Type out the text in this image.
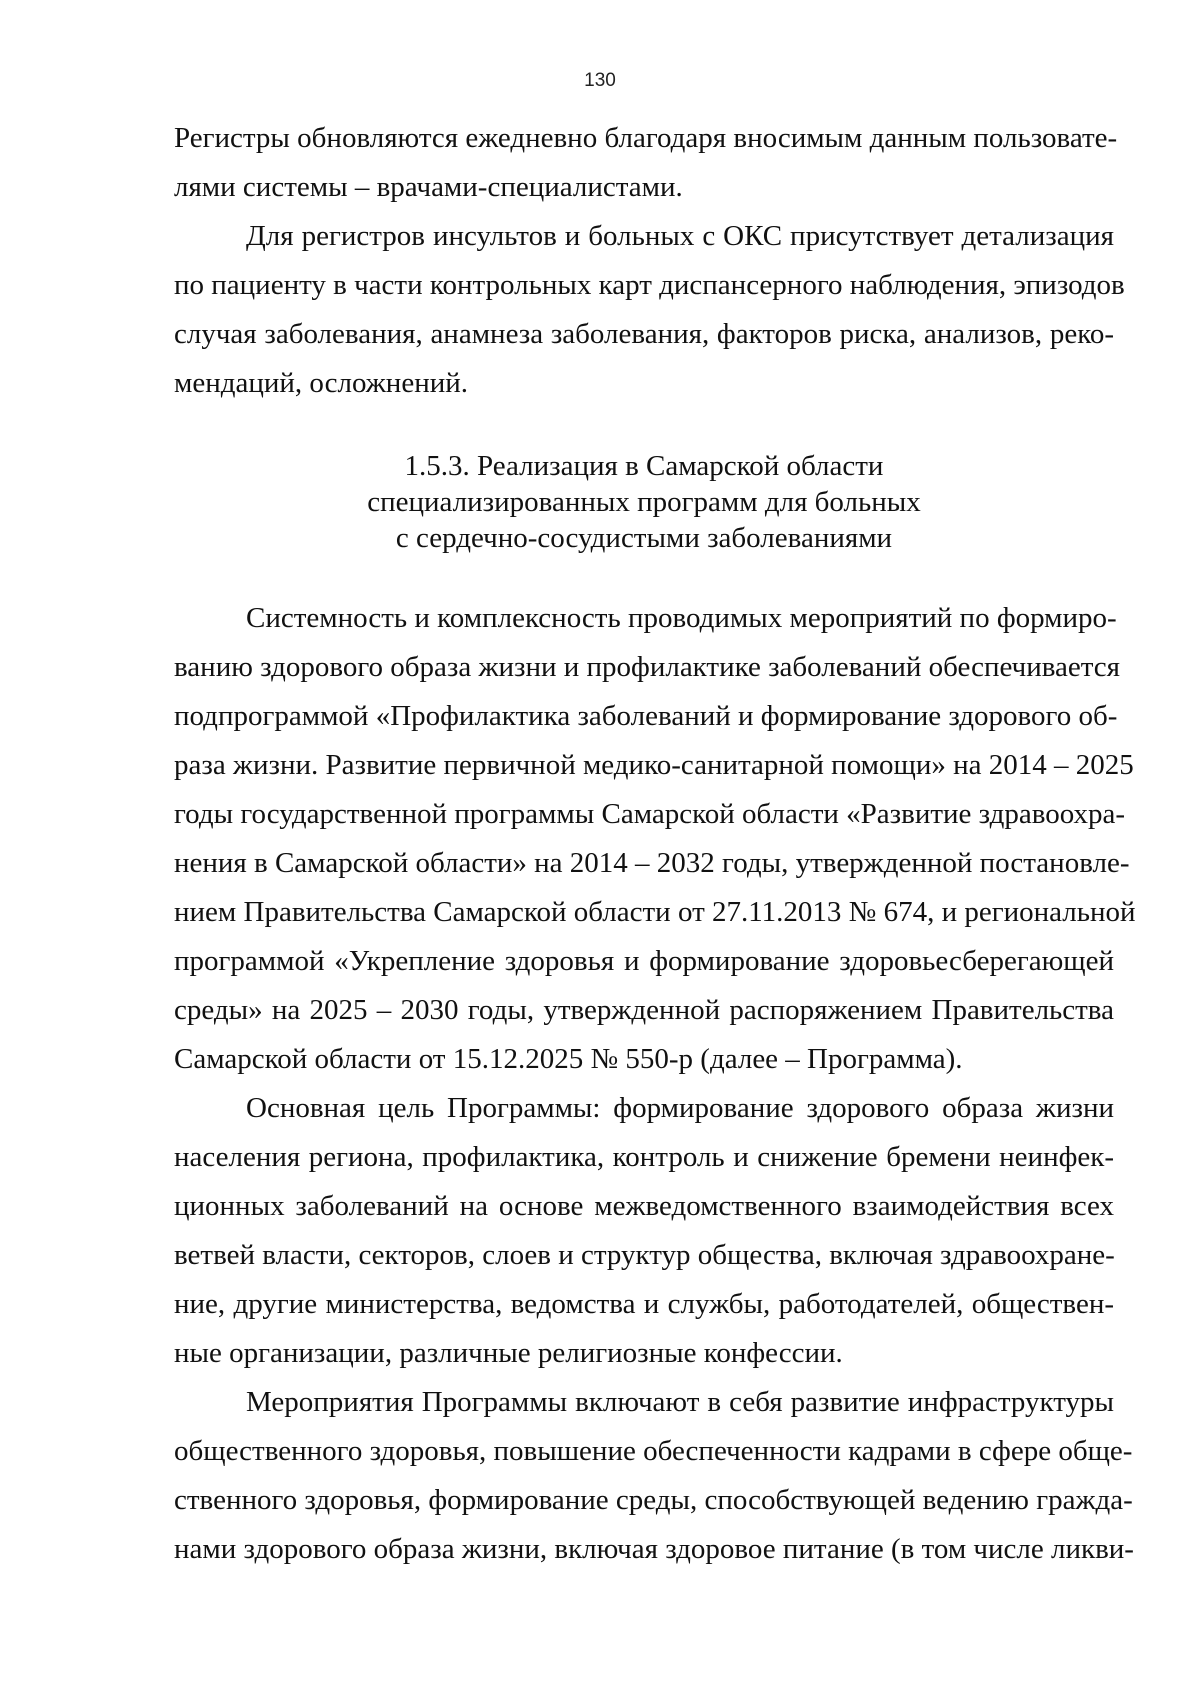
130
Регистры обновляются ежедневно благодаря вносимым данным пользовате-
лями системы – врачами-специалистами.
Для регистров инсультов и больных с ОКС присутствует детализация
по пациенту в части контрольных карт диспансерного наблюдения, эпизодов
случая заболевания, анамнеза заболевания, факторов риска, анализов, реко-
мендаций, осложнений.
1.5.3. Реализация в Самарской области
специализированных программ для больных
с сердечно-сосудистыми заболеваниями
Системность и комплексность проводимых мероприятий по формиро-
ванию здорового образа жизни и профилактике заболеваний обеспечивается
подпрограммой «Профилактика заболеваний и формирование здорового об-
раза жизни. Развитие первичной медико-санитарной помощи» на 2014 – 2025
годы государственной программы Самарской области «Развитие здравоохра-
нения в Самарской области» на 2014 – 2032 годы, утвержденной постановле-
нием Правительства Самарской области от 27.11.2013 № 674, и региональной
программой «Укрепление здоровья и формирование здоровьесберегающей
среды» на 2025 – 2030 годы, утвержденной распоряжением Правительства
Самарской области от 15.12.2025 № 550-р (далее – Программа).
Основная цель Программы: формирование здорового образа жизни
населения региона, профилактика, контроль и снижение бремени неинфек-
ционных заболеваний на основе межведомственного взаимодействия всех
ветвей власти, секторов, слоев и структур общества, включая здравоохране-
ние, другие министерства, ведомства и службы, работодателей, обществен-
ные организации, различные религиозные конфессии.
Мероприятия Программы включают в себя развитие инфраструктуры
общественного здоровья, повышение обеспеченности кадрами в сфере обще-
ственного здоровья, формирование среды, способствующей ведению гражда-
нами здорового образа жизни, включая здоровое питание (в том числе ликви-
